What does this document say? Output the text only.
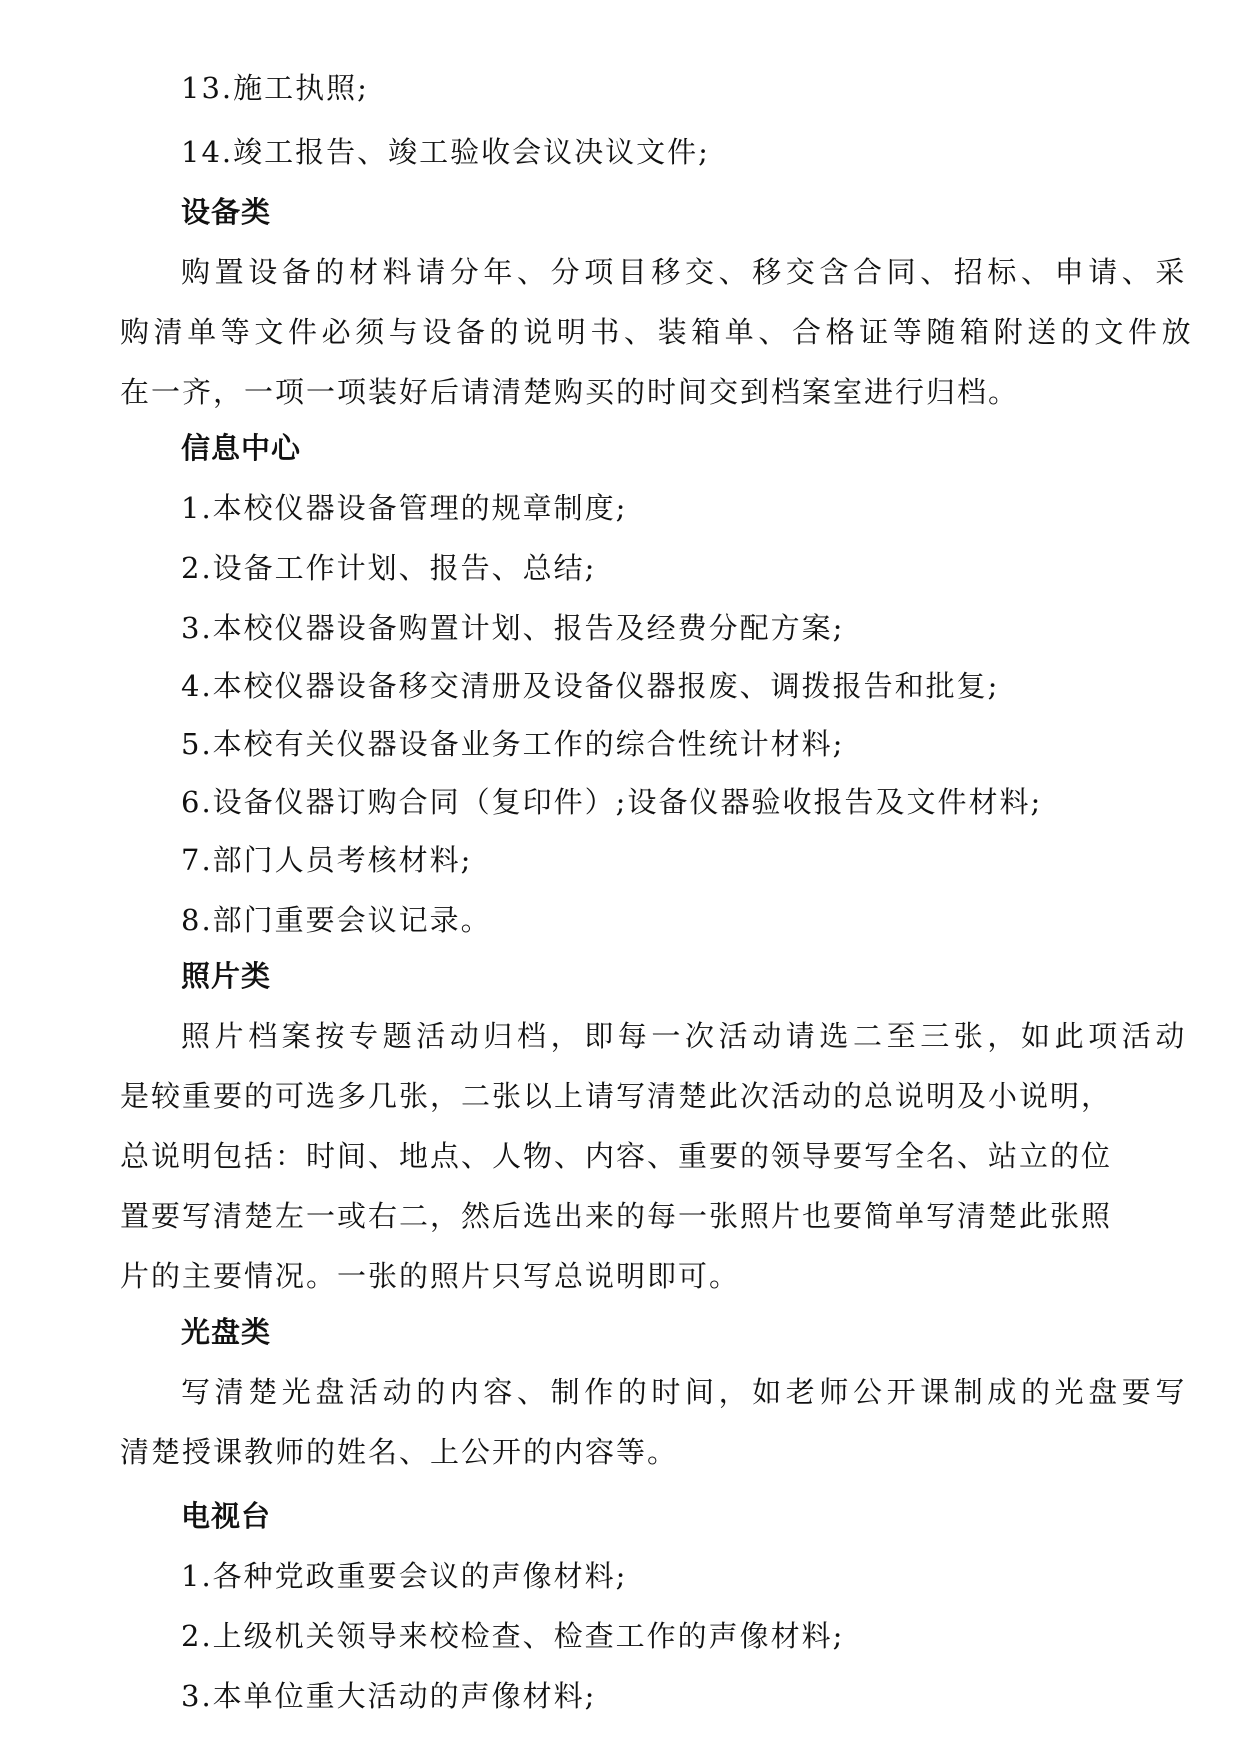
13.施工执照;
14.竣工报告、竣工验收会议决议文件;
设备类
购置设备的材料请分年、分项目移交、移交含合同、招标、申请、采
购清单等文件必须与设备的说明书、装箱单、合格证等随箱附送的文件放
在一齐，一项一项装好后请清楚购买的时间交到档案室进行归档。
信息中心
1.本校仪器设备管理的规章制度;
2.设备工作计划、报告、总结;
3.本校仪器设备购置计划、报告及经费分配方案;
4.本校仪器设备移交清册及设备仪器报废、调拨报告和批复;
5.本校有关仪器设备业务工作的综合性统计材料;
6.设备仪器订购合同（复印件）;设备仪器验收报告及文件材料;
7.部门人员考核材料;
8.部门重要会议记录。
照片类
照片档案按专题活动归档，即每一次活动请选二至三张，如此项活动
是较重要的可选多几张，二张以上请写清楚此次活动的总说明及小说明，
总说明包括：时间、地点、人物、内容、重要的领导要写全名、站立的位
置要写清楚左一或右二，然后选出来的每一张照片也要简单写清楚此张照
片的主要情况。一张的照片只写总说明即可。
光盘类
写清楚光盘活动的内容、制作的时间，如老师公开课制成的光盘要写
清楚授课教师的姓名、上公开的内容等。
电视台
1.各种党政重要会议的声像材料;
2.上级机关领导来校检查、检查工作的声像材料;
3.本单位重大活动的声像材料;
